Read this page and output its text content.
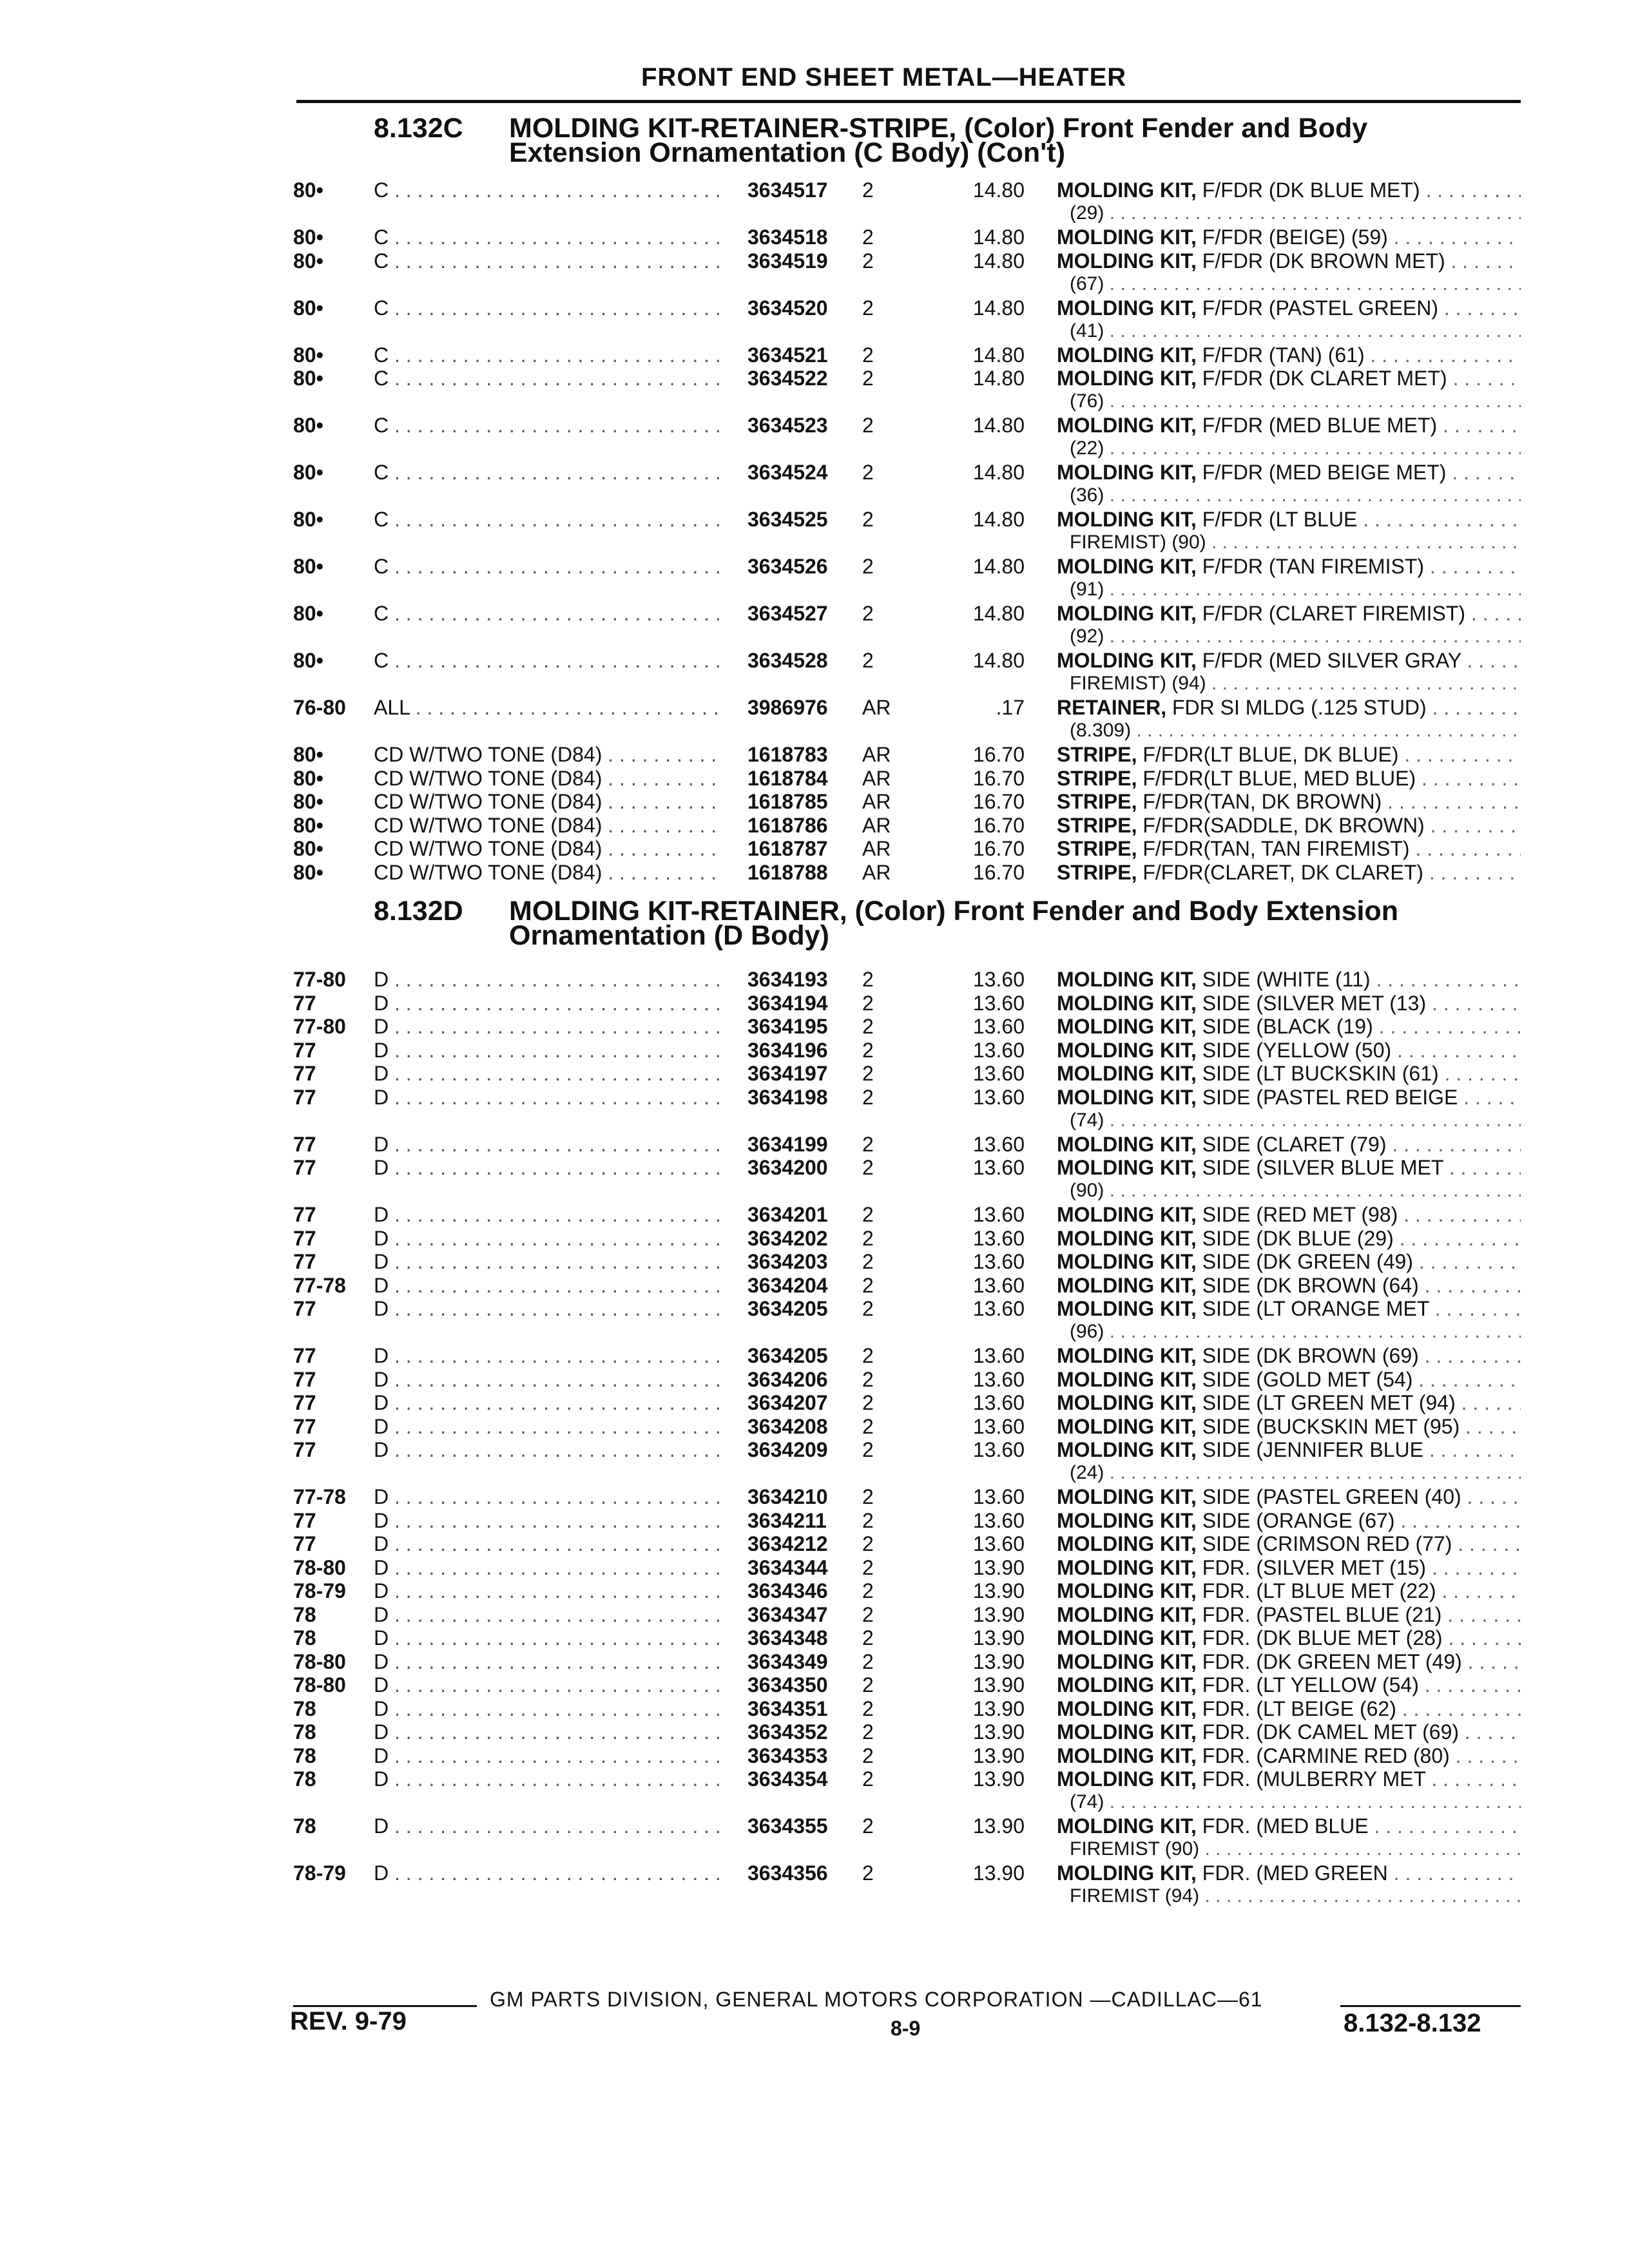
FRONT END SHEET METAL—HEATER
8.132C MOLDING KIT-RETAINER-STRIPE, (Color) Front Fender and Body
Extension Ornamentation (C Body) (Con't)
80• C . . .	3634517 2	14.80 MOLDING KIT, F/FDR (DK BLUE MET) . . .
(29) . . .
80• C . . .	3634518 2	14.80 MOLDING KIT, F/FDR (BEIGE) (59) . . .
80• C . . .	3634519 2	14.80 MOLDING KIT, F/FDR (DK BROWN MET) . . .
(67) . . .
80• C . . .	3634520 2	14.80 MOLDING KIT, F/FDR (PASTEL GREEN) . . .
(41) . . .
80• C . . .	3634521 2	14.80 MOLDING KIT, F/FDR (TAN) (61) . . .
80• C . . .	3634522 2	14.80 MOLDING KIT, F/FDR (DK CLARET MET) . . .
(76) . . .
80• C . . .	3634523 2	14.80 MOLDING KIT, F/FDR (MED BLUE MET) . . .
(22) . . .
80• C . . .	3634524 2	14.80 MOLDING KIT, F/FDR (MED BEIGE MET) . . .
(36) . . .
80• C . . .	3634525 2	14.80 MOLDING KIT, F/FDR (LT BLUE . . .
FIREMIST) (90) . . .
80• C . . .	3634526 2	14.80 MOLDING KIT, F/FDR (TAN FIREMIST) . . .
(91) . . .
80• C . . .	3634527 2	14.80 MOLDING KIT, F/FDR (CLARET FIREMIST) . . .
(92) . . .
80• C . . .	3634528 2	14.80 MOLDING KIT, F/FDR (MED SILVER GRAY . . .
FIREMIST) (94) . . .
76-80 ALL . . .	3986976 AR	.17 RETAINER, FDR SI MLDG (.125 STUD) . . .
(8.309) . . .
80• CD W/TWO TONE (D84) . . .	1618783 AR	16.70 STRIPE, F/FDR(LT BLUE, DK BLUE) . . .
80• CD W/TWO TONE (D84) . . .	1618784 AR	16.70 STRIPE, F/FDR(LT BLUE, MED BLUE) . . .
80• CD W/TWO TONE (D84) . . .	1618785 AR	16.70 STRIPE, F/FDR(TAN, DK BROWN) . . .
80• CD W/TWO TONE (D84) . . .	1618786 AR	16.70 STRIPE, F/FDR(SADDLE, DK BROWN) . . .
80• CD W/TWO TONE (D84) . . .	1618787 AR	16.70 STRIPE, F/FDR(TAN, TAN FIREMIST) . . .
80• CD W/TWO TONE (D84) . . .	1618788 AR	16.70 STRIPE, F/FDR(CLARET, DK CLARET) . . .
8.132D MOLDING KIT-RETAINER, (Color) Front Fender and Body Extension
Ornamentation (D Body)
77-80 D . . .	3634193 2	13.60 MOLDING KIT, SIDE (WHITE (11) . . .
77	D . . .	3634194 2	13.60 MOLDING KIT, SIDE (SILVER MET (13) . . .
77-80 D . . .	3634195 2	13.60 MOLDING KIT, SIDE (BLACK (19) . . .
77	D . . .	3634196 2	13.60 MOLDING KIT, SIDE (YELLOW (50) . . .
77	D . . .	3634197 2	13.60 MOLDING KIT, SIDE (LT BUCKSKIN (61) . . .
77	D . . .	3634198 2	13.60 MOLDING KIT, SIDE (PASTEL RED BEIGE . . .
(74) . . .
77	D . . .	3634199 2	13.60 MOLDING KIT, SIDE (CLARET (79) . . .
77	D . . .	3634200 2	13.60 MOLDING KIT, SIDE (SILVER BLUE MET . . .
(90) . . .
77	D . . .	3634201 2	13.60 MOLDING KIT, SIDE (RED MET (98) . . .
77	D . . .	3634202 2	13.60 MOLDING KIT, SIDE (DK BLUE (29) . . .
77	D . . .	3634203 2	13.60 MOLDING KIT, SIDE (DK GREEN (49) . . .
77-78 D . . .	3634204 2	13.60 MOLDING KIT, SIDE (DK BROWN (64) . . .
77	D . . .	3634205 2	13.60 MOLDING KIT, SIDE (LT ORANGE MET . . .
(96) . . .
77	D . . .	3634205 2	13.60 MOLDING KIT, SIDE (DK BROWN (69) . . .
77	D . . .	3634206 2	13.60 MOLDING KIT, SIDE (GOLD MET (54) . . .
77	D . . .	3634207 2	13.60 MOLDING KIT, SIDE (LT GREEN MET (94) . . .
77	D . . .	3634208 2	13.60 MOLDING KIT, SIDE (BUCKSKIN MET (95) . . .
77	D . . .	3634209 2	13.60 MOLDING KIT, SIDE (JENNIFER BLUE . . .
(24) . . .
77-78 D . . .	3634210 2	13.60 MOLDING KIT, SIDE (PASTEL GREEN (40) . . .
77	D . . .	3634211 2	13.60 MOLDING KIT, SIDE (ORANGE (67) . . .
77	D . . .	3634212 2	13.60 MOLDING KIT, SIDE (CRIMSON RED (77) . . .
78-80 D . . .	3634344 2	13.90 MOLDING KIT, FDR. (SILVER MET (15) . . .
78-79 D . . .	3634346 2	13.90 MOLDING KIT, FDR. (LT BLUE MET (22) . . .
78	D . . .	3634347 2	13.90 MOLDING KIT, FDR. (PASTEL BLUE (21) . . .
78	D . . .	3634348 2	13.90 MOLDING KIT, FDR. (DK BLUE MET (28) . . .
78-80 D . . .	3634349 2	13.90 MOLDING KIT, FDR. (DK GREEN MET (49) . . .
78-80 D . . .	3634350 2	13.90 MOLDING KIT, FDR. (LT YELLOW (54) . . .
78	D . . .	3634351 2	13.90 MOLDING KIT, FDR. (LT BEIGE (62) . . .
78	D . . .	3634352 2	13.90 MOLDING KIT, FDR. (DK CAMEL MET (69) . . .
78	D . . .	3634353 2	13.90 MOLDING KIT, FDR. (CARMINE RED (80) . . .
78	D . . .	3634354 2	13.90 MOLDING KIT, FDR. (MULBERRY MET . . .
(74) . . .
78	D . . .	3634355 2	13.90 MOLDING KIT, FDR. (MED BLUE . . .
FIREMIST (90) . . .
78-79 D . . .	3634356 2	13.90 MOLDING KIT, FDR. (MED GREEN . . .
FIREMIST (94) . . .
GM PARTS DIVISION, GENERAL MOTORS CORPORATION —CADILLAC—61
REV. 9-79	8-9	8.132-8.132
